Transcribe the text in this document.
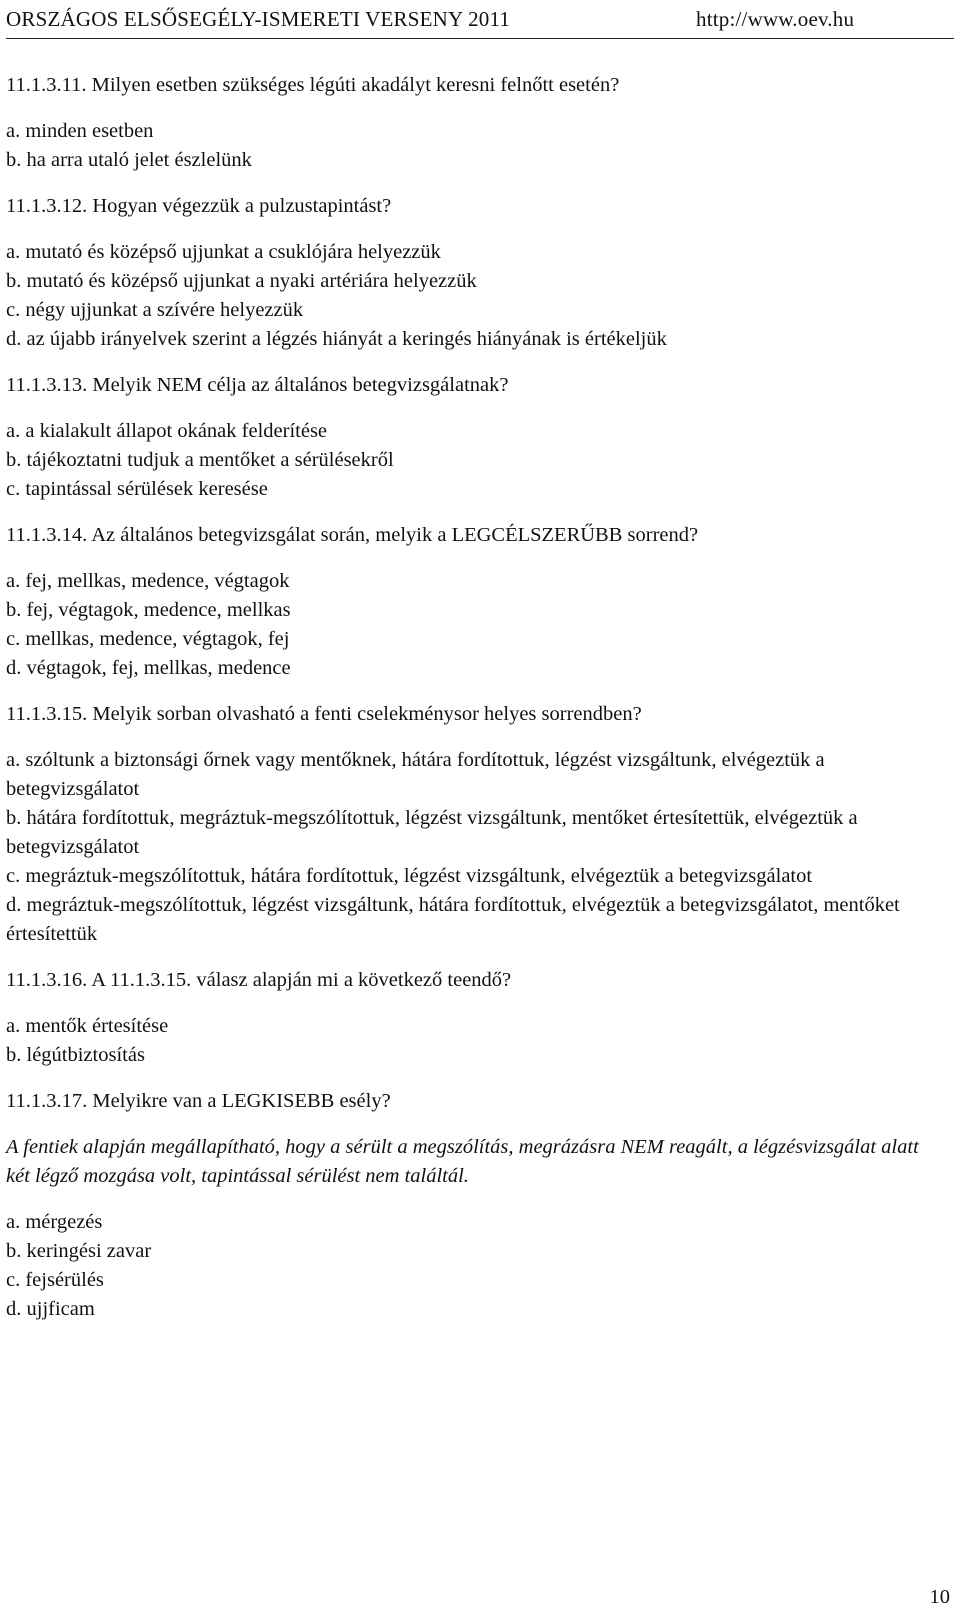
ORSZÁGOS ELSŐSEGÉLY-ISMERETI VERSENY 2011	http://www.oev.hu
11.1.3.11. Milyen esetben szükséges légúti akadályt keresni felnőtt esetén?
a. minden esetben
b. ha arra utaló jelet észlelünk
11.1.3.12. Hogyan végezzük a pulzustapintást?
a. mutató és középső ujjunkat a csuklójára helyezzük
b. mutató és középső ujjunkat a nyaki artériára helyezzük
c. négy ujjunkat a szívére helyezzük
d. az újabb irányelvek szerint a légzés hiányát a keringés hiányának is értékeljük
11.1.3.13. Melyik NEM célja az általános betegvizsgálatnak?
a. a kialakult állapot okának felderítése
b. tájékoztatni tudjuk a mentőket a sérülésekről
c. tapintással sérülések keresése
11.1.3.14. Az általános betegvizsgálat során, melyik a LEGCÉLSZERŰBB sorrend?
a. fej, mellkas, medence, végtagok
b. fej, végtagok, medence, mellkas
c. mellkas, medence, végtagok, fej
d. végtagok, fej, mellkas, medence
11.1.3.15. Melyik sorban olvasható a fenti cselekménysor helyes sorrendben?
a. szóltunk a biztonsági őrnek vagy mentőknek, hátára fordítottuk, légzést vizsgáltunk, elvégeztük a betegvizsgálatot
b. hátára fordítottuk, megráztuk-megszólítottuk, légzést vizsgáltunk, mentőket értesítettük, elvégeztük a betegvizsgálatot
c. megráztuk-megszólítottuk, hátára fordítottuk, légzést vizsgáltunk, elvégeztük a betegvizsgálatot
d. megráztuk-megszólítottuk, légzést vizsgáltunk, hátára fordítottuk, elvégeztük a betegvizsgálatot, mentőket értesítettük
11.1.3.16. A 11.1.3.15. válasz alapján mi a következő teendő?
a. mentők értesítése
b. légútbiztosítás
11.1.3.17. Melyikre van a LEGKISEBB esély?
A fentiek alapján megállapítható, hogy a sérült a megszólítás, megrázásra NEM reagált, a légzésvizsgálat alatt két légző mozgása volt, tapintással sérülést nem találtál.
a. mérgezés
b. keringési zavar
c. fejsérülés
d. ujjficam
10
